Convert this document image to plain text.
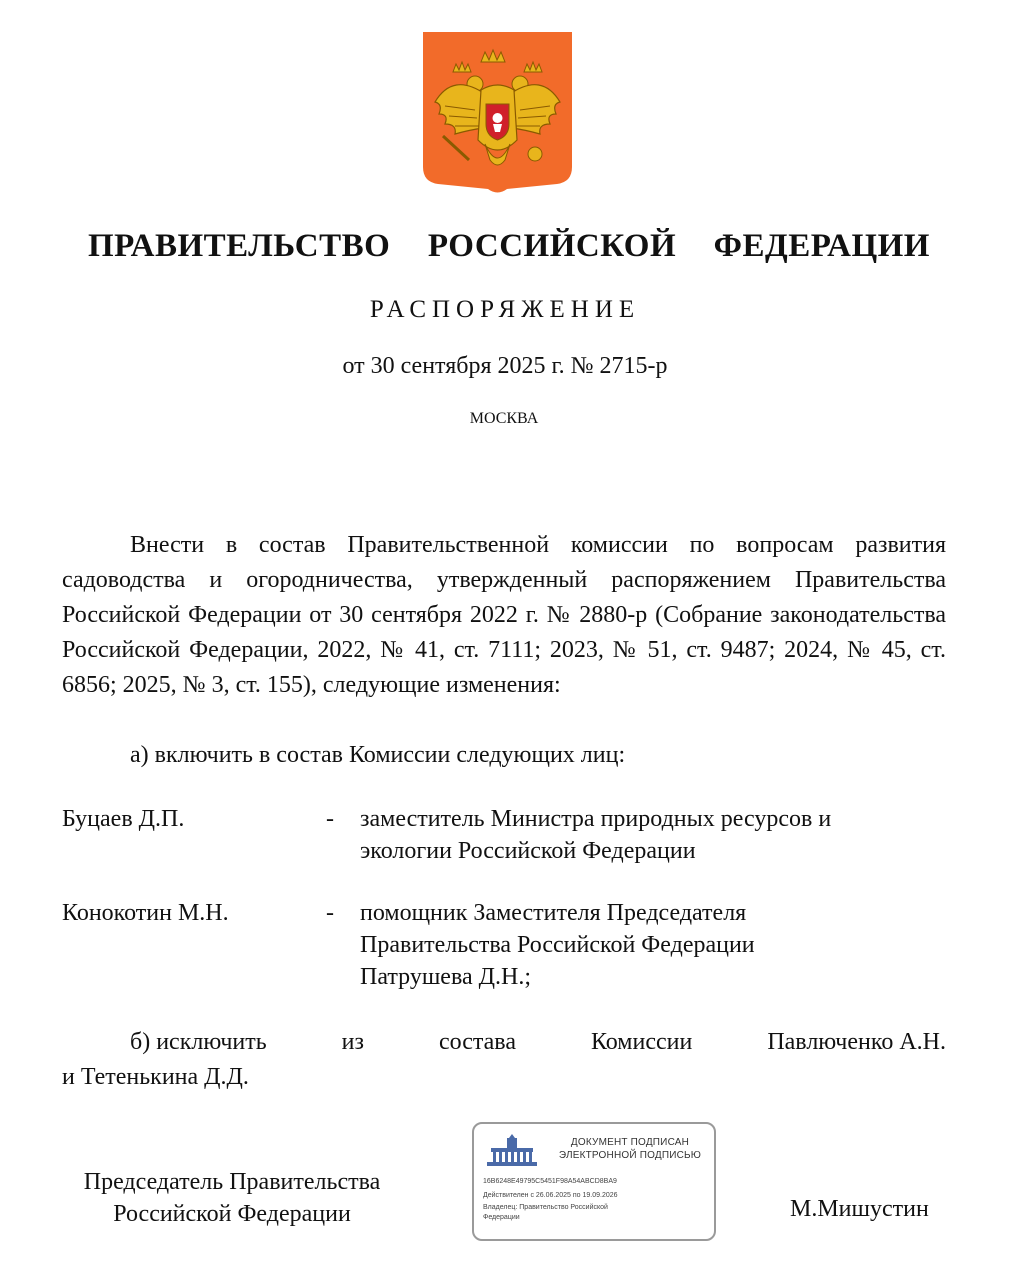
ПРАВИТЕЛЬСТВО  РОССИЙСКОЙ  ФЕДЕРАЦИИ
РАСПОРЯЖЕНИЕ
от 30 сентября 2025 г. № 2715-р
МОСКВА

Внести в состав Правительственной комиссии по вопросам развития садоводства и огородничества, утвержденный распоряжением Правительства Российской Федерации от 30 сентября 2022 г. № 2880-р (Собрание законодательства Российской Федерации, 2022, № 41, ст. 7111; 2023, № 51, ст. 9487; 2024, № 45, ст. 6856; 2025, № 3, ст. 155), следующие изменения:

а) включить в состав Комиссии следующих лиц:
Буцаев Д.П.	- заместитель Министра природных ресурсов и
экологии Российской Федерации
Конокотин М.Н.	- помощник Заместителя Председателя
Правительства Российской Федерации
Патрушева Д.Н.;
б) исключить	из	состава	Комиссии	Павлюченко А.Н.
и Тетенькина Д.Д.
Председатель Правительства
Российской Федерации	М.Мишустин
ДОКУМЕНТ ПОДПИСАН
ЭЛЕКТРОННОЙ ПОДПИСЬЮ
16B6248E49795C5451F98A54ABCD8BA9
Действителен с 26.06.2025 по 19.09.2026
Владелец: Правительство Российской
Федерации
